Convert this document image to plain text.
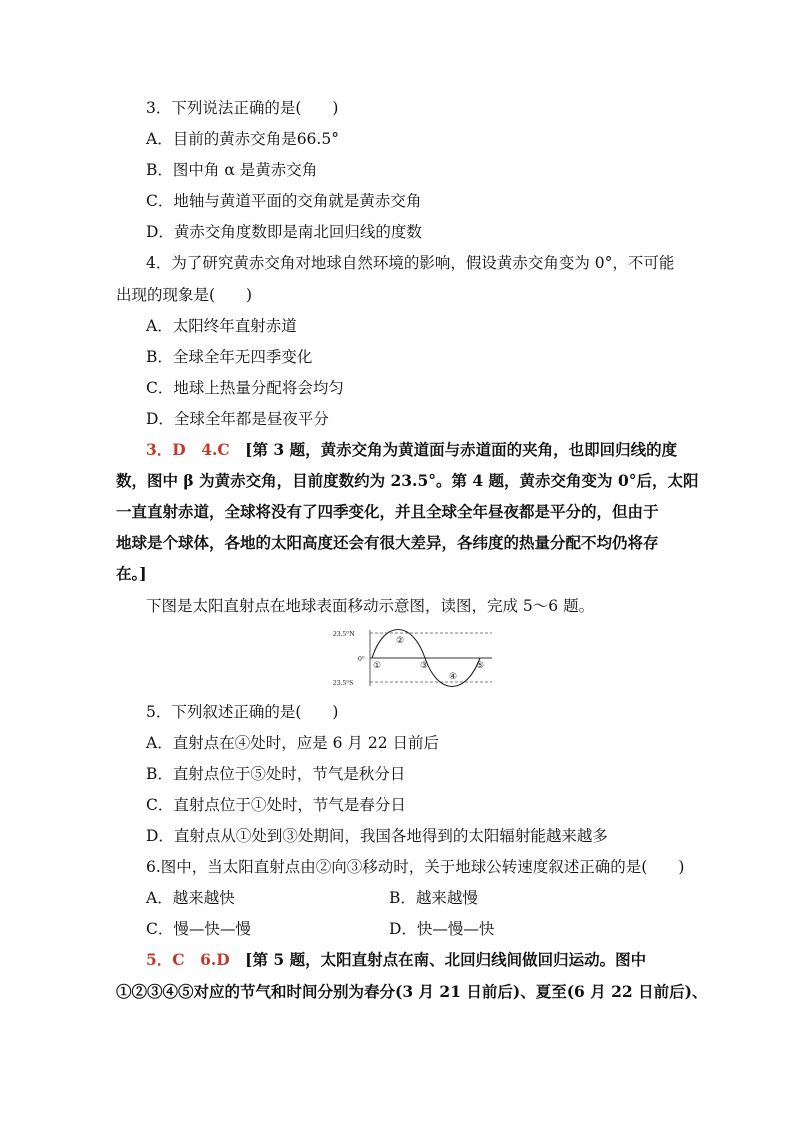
3．下列说法正确的是(　　)
A．目前的黄赤交角是66.5°
B．图中角 α 是黄赤交角
C．地轴与黄道平面的交角就是黄赤交角
D．黄赤交角度数即是南北回归线的度数
4．为了研究黄赤交角对地球自然环境的影响，假设黄赤交角变为 0°，不可能
出现的现象是(　　)
A．太阳终年直射赤道
B．全球全年无四季变化
C．地球上热量分配将会均匀
D．全球全年都是昼夜平分
3．D　4.C [第 3 题，黄赤交角为黄道面与赤道面的夹角，也即回归线的度
数，图中 β 为黄赤交角，目前度数约为 23.5°。第 4 题，黄赤交角变为 0°后，太阳
一直直射赤道，全球将没有了四季变化，并且全球全年昼夜都是平分的，但由于
地球是个球体，各地的太阳高度还会有很大差异，各纬度的热量分配不均仍将存
在。]
下图是太阳直射点在地球表面移动示意图，读图，完成 5～6 题。
23.5°N
0°
23.5°S
①
②
③
④
⑤
5．下列叙述正确的是(　　)
A．直射点在④处时，应是 6 月 22 日前后
B．直射点位于⑤处时，节气是秋分日
C．直射点位于①处时，节气是春分日
D．直射点从①处到③处期间，我国各地得到的太阳辐射能越来越多
6.图中，当太阳直射点由②向③移动时，关于地球公转速度叙述正确的是(　　)
A．越来越快	B．越来越慢
C．慢—快—慢	D．快—慢—快
5．C　6.D [第 5 题，太阳直射点在南、北回归线间做回归运动。图中
①②③④⑤对应的节气和时间分别为春分(3 月 21 日前后)、夏至(6 月 22 日前后)、
